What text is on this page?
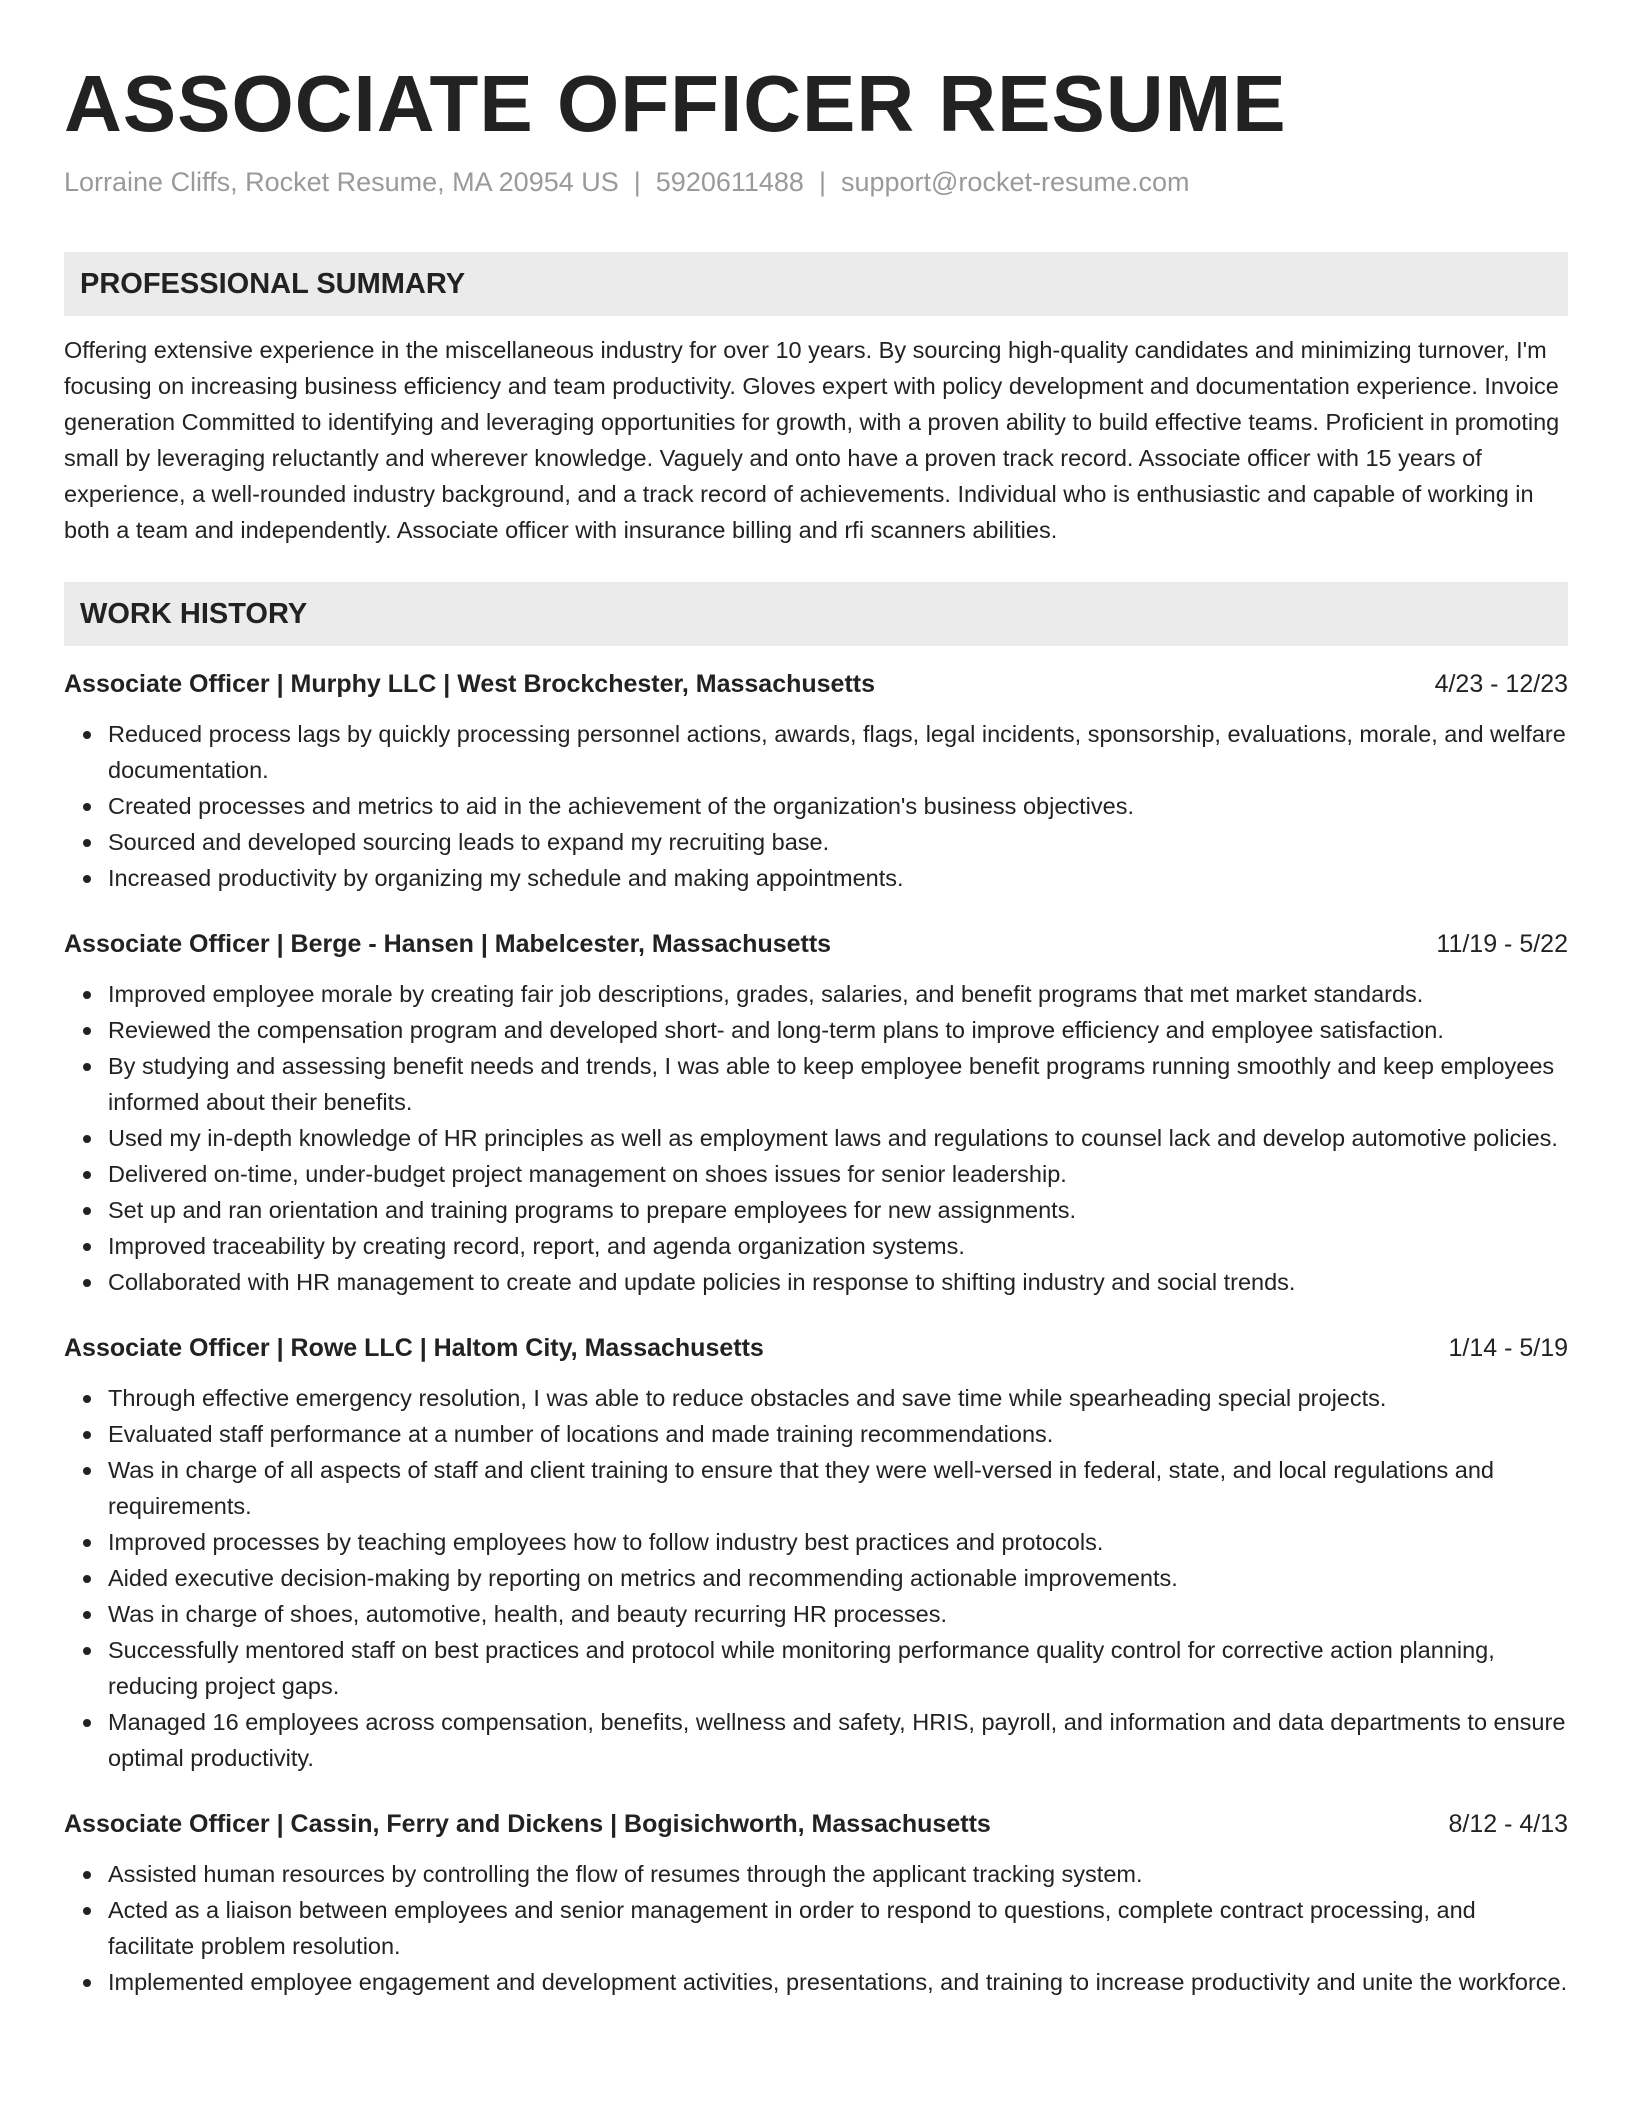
ASSOCIATE OFFICER RESUME
Lorraine Cliffs, Rocket Resume, MA 20954 US | 5920611488 | support@rocket-resume.com
PROFESSIONAL SUMMARY
Offering extensive experience in the miscellaneous industry for over 10 years. By sourcing high-quality candidates and minimizing turnover, I'm focusing on increasing business efficiency and team productivity. Gloves expert with policy development and documentation experience. Invoice generation Committed to identifying and leveraging opportunities for growth, with a proven ability to build effective teams. Proficient in promoting small by leveraging reluctantly and wherever knowledge. Vaguely and onto have a proven track record. Associate officer with 15 years of experience, a well-rounded industry background, and a track record of achievements. Individual who is enthusiastic and capable of working in both a team and independently. Associate officer with insurance billing and rfi scanners abilities.
WORK HISTORY
Associate Officer | Murphy LLC | West Brockchester, Massachusetts	4/23 - 12/23
Reduced process lags by quickly processing personnel actions, awards, flags, legal incidents, sponsorship, evaluations, morale, and welfare documentation.
Created processes and metrics to aid in the achievement of the organization's business objectives.
Sourced and developed sourcing leads to expand my recruiting base.
Increased productivity by organizing my schedule and making appointments.
Associate Officer | Berge - Hansen | Mabelcester, Massachusetts	11/19 - 5/22
Improved employee morale by creating fair job descriptions, grades, salaries, and benefit programs that met market standards.
Reviewed the compensation program and developed short- and long-term plans to improve efficiency and employee satisfaction.
By studying and assessing benefit needs and trends, I was able to keep employee benefit programs running smoothly and keep employees informed about their benefits.
Used my in-depth knowledge of HR principles as well as employment laws and regulations to counsel lack and develop automotive policies.
Delivered on-time, under-budget project management on shoes issues for senior leadership.
Set up and ran orientation and training programs to prepare employees for new assignments.
Improved traceability by creating record, report, and agenda organization systems.
Collaborated with HR management to create and update policies in response to shifting industry and social trends.
Associate Officer | Rowe LLC | Haltom City, Massachusetts	1/14 - 5/19
Through effective emergency resolution, I was able to reduce obstacles and save time while spearheading special projects.
Evaluated staff performance at a number of locations and made training recommendations.
Was in charge of all aspects of staff and client training to ensure that they were well-versed in federal, state, and local regulations and requirements.
Improved processes by teaching employees how to follow industry best practices and protocols.
Aided executive decision-making by reporting on metrics and recommending actionable improvements.
Was in charge of shoes, automotive, health, and beauty recurring HR processes.
Successfully mentored staff on best practices and protocol while monitoring performance quality control for corrective action planning, reducing project gaps.
Managed 16 employees across compensation, benefits, wellness and safety, HRIS, payroll, and information and data departments to ensure optimal productivity.
Associate Officer | Cassin, Ferry and Dickens | Bogisichworth, Massachusetts	8/12 - 4/13
Assisted human resources by controlling the flow of resumes through the applicant tracking system.
Acted as a liaison between employees and senior management in order to respond to questions, complete contract processing, and facilitate problem resolution.
Implemented employee engagement and development activities, presentations, and training to increase productivity and unite the workforce.
